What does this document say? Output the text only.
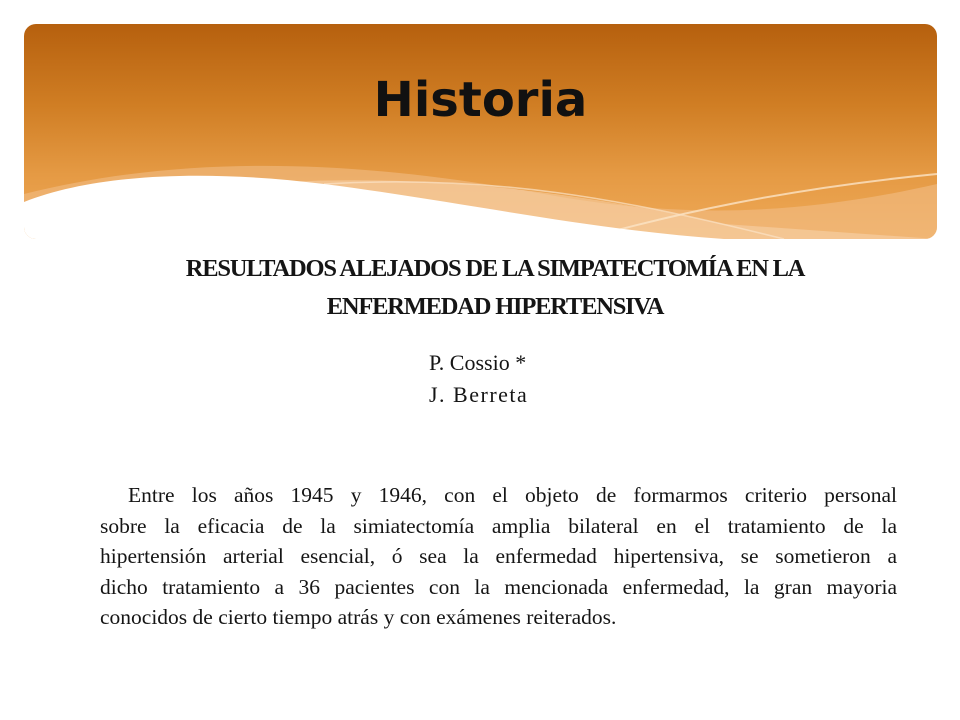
Historia
RESULTADOS ALEJADOS DE LA SIMPATECTOMÍA EN LA
ENFERMEDAD HIPERTENSIVA
P. Cossio *
J. Berreta
Entre los años 1945 y 1946, con el objeto de formarmos criterio personal
sobre la eficacia de la simiatectomía amplia bilateral en el tratamiento de la
hipertensión arterial esencial, ó sea la enfermedad hipertensiva, se sometieron a
dicho tratamiento a 36 pacientes con la mencionada enfermedad, la gran mayoria
conocidos de cierto tiempo atrás y con exámenes reiterados.
